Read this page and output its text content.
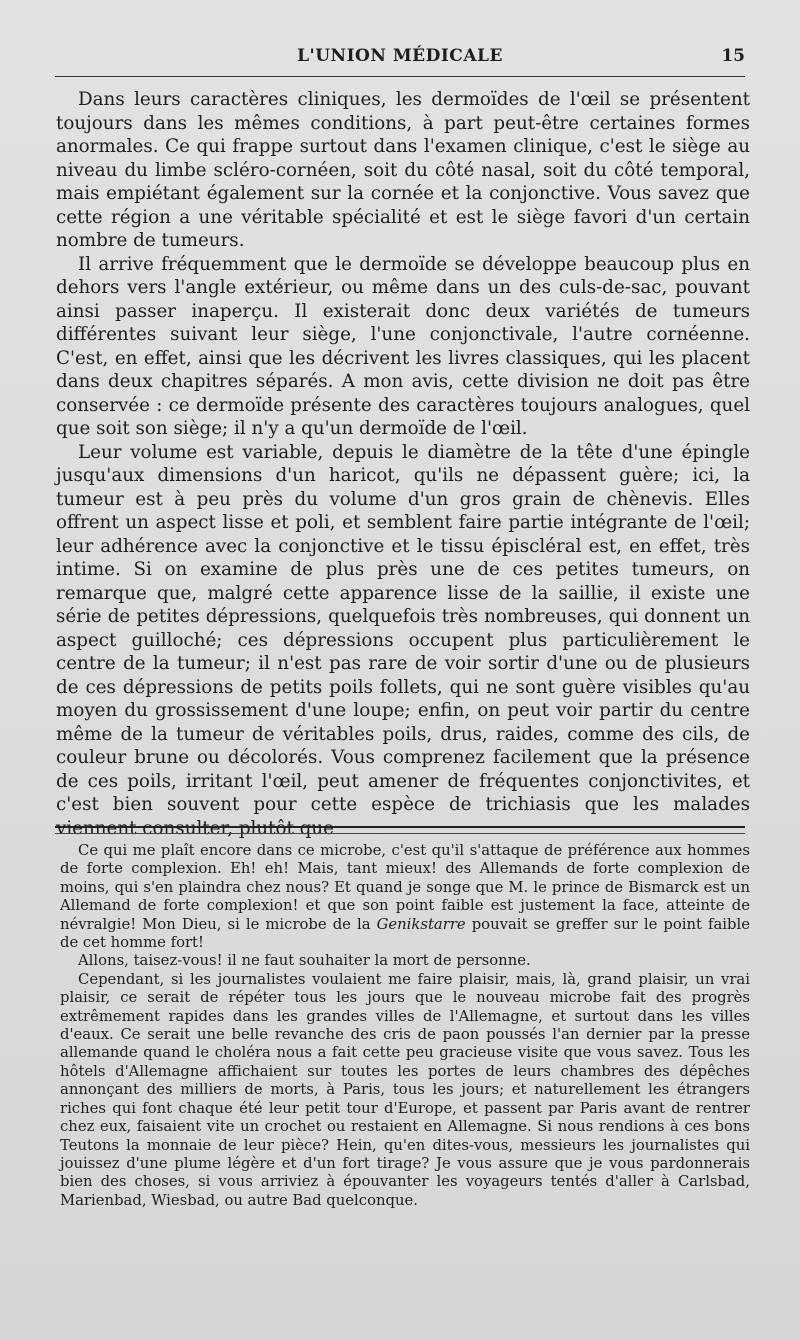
L'UNION MÉDICALE	15

Dans leurs caractères cliniques, les dermoïdes de l'œil se présentent toujours dans les mêmes conditions, à part peut-être certaines formes anormales. Ce qui frappe surtout dans l'examen clinique, c'est le siège au niveau du limbe scléro-cornéen, soit du côté nasal, soit du côté temporal, mais empiétant également sur la cornée et la conjonctive. Vous savez que cette région a une véritable spécialité et est le siège favori d'un certain nombre de tumeurs.

Il arrive fréquemment que le dermoïde se développe beaucoup plus en dehors vers l'angle extérieur, ou même dans un des culs-de-sac, pouvant ainsi passer inaperçu. Il existerait donc deux variétés de tumeurs différentes suivant leur siège, l'une conjonctivale, l'autre cornéenne. C'est, en effet, ainsi que les décrivent les livres classiques, qui les placent dans deux chapitres séparés. A mon avis, cette division ne doit pas être conservée : ce dermoïde présente des caractères toujours analogues, quel que soit son siège; il n'y a qu'un dermoïde de l'œil.

Leur volume est variable, depuis le diamètre de la tête d'une épingle jusqu'aux dimensions d'un haricot, qu'ils ne dépassent guère; ici, la tumeur est à peu près du volume d'un gros grain de chènevis. Elles offrent un aspect lisse et poli, et semblent faire partie intégrante de l'œil; leur adhérence avec la conjonctive et le tissu épiscléral est, en effet, très intime. Si on examine de plus près une de ces petites tumeurs, on remarque que, malgré cette apparence lisse de la saillie, il existe une série de petites dépressions, quelquefois très nombreuses, qui donnent un aspect guilloché; ces dépressions occupent plus particulièrement le centre de la tumeur; il n'est pas rare de voir sortir d'une ou de plusieurs de ces dépressions de petits poils follets, qui ne sont guère visibles qu'au moyen du grossissement d'une loupe; enfin, on peut voir partir du centre même de la tumeur de véritables poils, drus, raides, comme des cils, de couleur brune ou décolorés. Vous comprenez facilement que la présence de ces poils, irritant l'œil, peut amener de fréquentes conjonctivites, et c'est bien souvent pour cette espèce de trichiasis que les malades viennent consulter, plutôt que

Ce qui me plaît encore dans ce microbe, c'est qu'il s'attaque de préférence aux hommes de forte complexion. Eh! eh! Mais, tant mieux! des Allemands de forte complexion de moins, qui s'en plaindra chez nous? Et quand je songe que M. le prince de Bismarck est un Allemand de forte complexion! et que son point faible est justement la face, atteinte de névralgie! Mon Dieu, si le microbe de la Genikstarre pouvait se greffer sur le point faible de cet homme fort!

Allons, taisez-vous! il ne faut souhaiter la mort de personne.

Cependant, si les journalistes voulaient me faire plaisir, mais, là, grand plaisir, un vrai plaisir, ce serait de répéter tous les jours que le nouveau microbe fait des progrès extrêmement rapides dans les grandes villes de l'Allemagne, et surtout dans les villes d'eaux. Ce serait une belle revanche des cris de paon poussés l'an dernier par la presse allemande quand le choléra nous a fait cette peu gracieuse visite que vous savez. Tous les hôtels d'Allemagne affichaient sur toutes les portes de leurs chambres des dépêches annonçant des milliers de morts, à Paris, tous les jours; et naturellement les étrangers riches qui font chaque été leur petit tour d'Europe, et passent par Paris avant de rentrer chez eux, faisaient vite un crochet ou restaient en Allemagne. Si nous rendions à ces bons Teutons la monnaie de leur pièce? Hein, qu'en dites-vous, messieurs les journalistes qui jouissez d'une plume légère et d'un fort tirage? Je vous assure que je vous pardonnerais bien des choses, si vous arriviez à épouvanter les voyageurs tentés d'aller à Carlsbad, Marienbad, Wiesbad, ou autre Bad quelconque.
